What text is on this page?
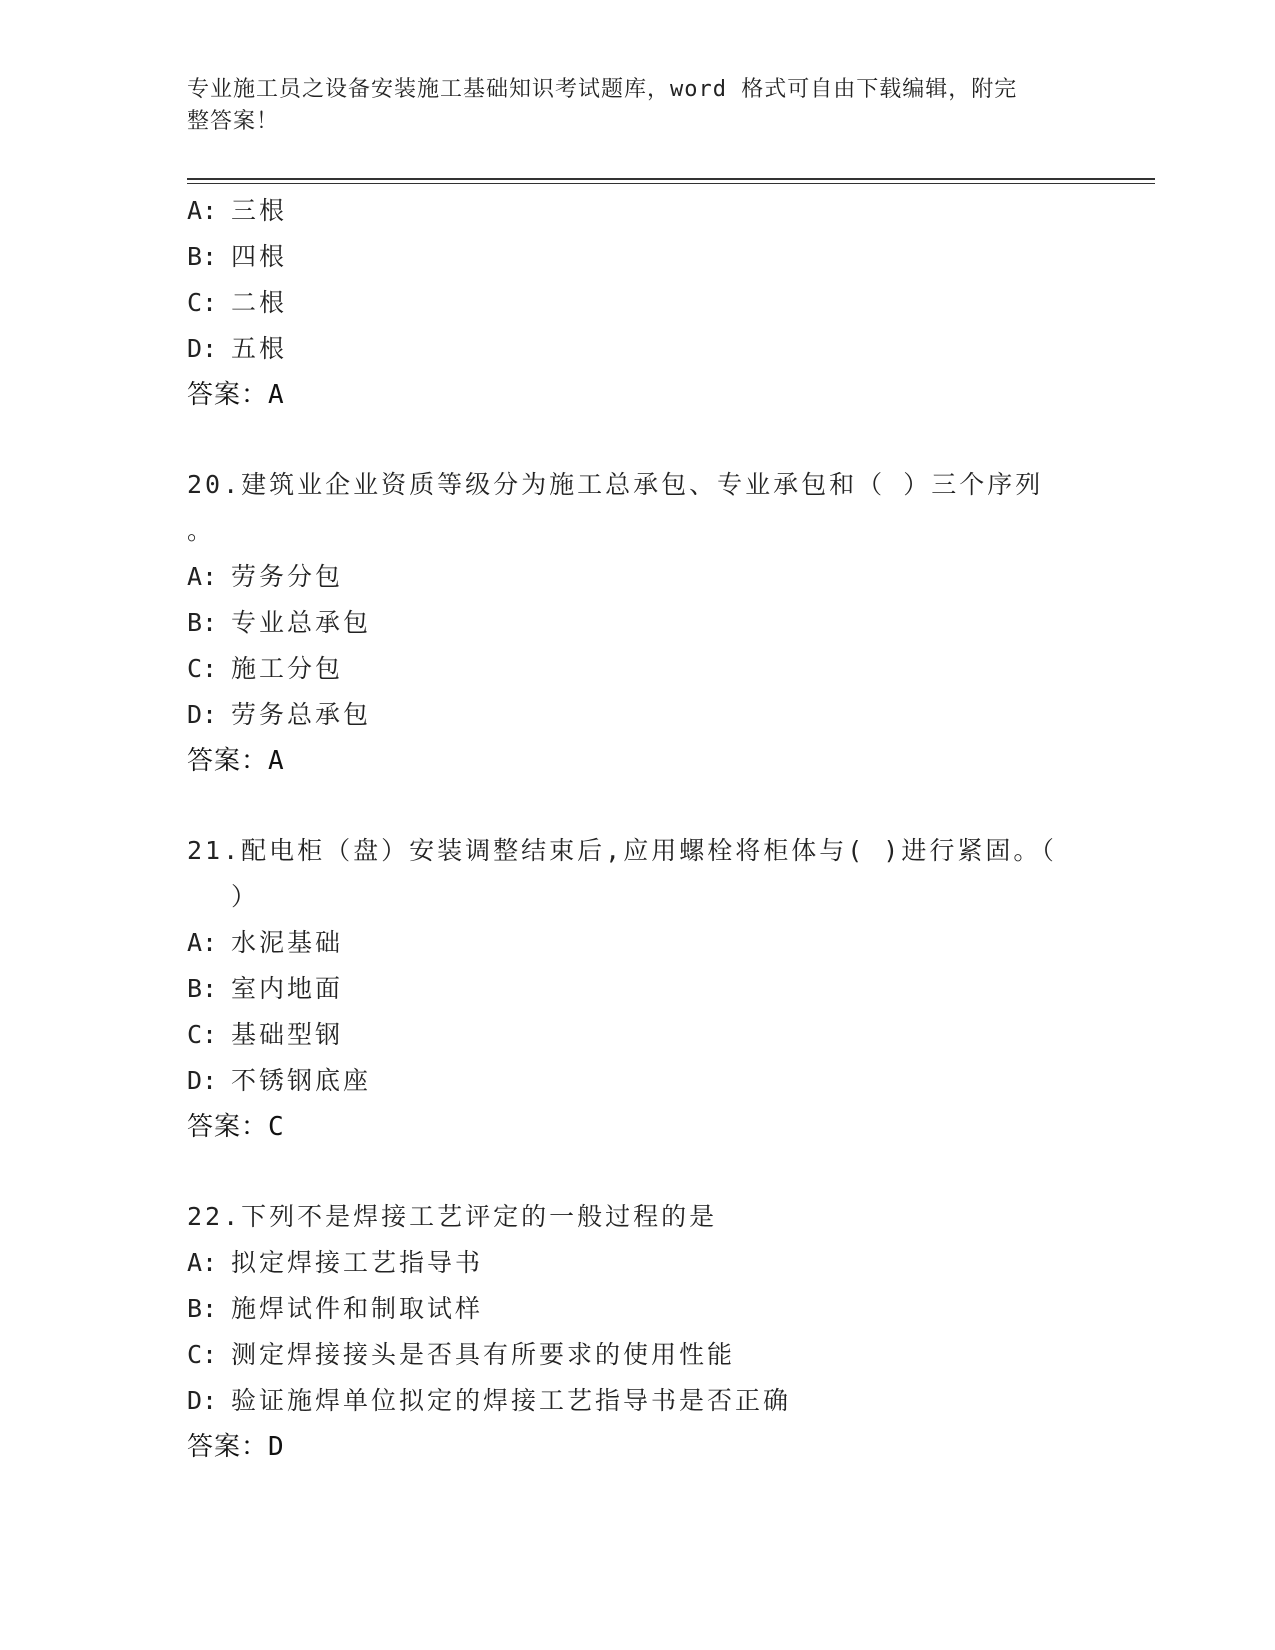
专业施工员之设备安装施工基础知识考试题库，word 格式可自由下载编辑，附完
整答案！
A: 三根
B: 四根
C: 二根
D: 五根
答案：A
20.建筑业企业资质等级分为施工总承包、专业承包和（ ）三个序列
。
A: 劳务分包
B: 专业总承包
C: 施工分包
D: 劳务总承包
答案：A
21.配电柜（盘）安装调整结束后,应用螺栓将柜体与( )进行紧固。（
）
A: 水泥基础
B: 室内地面
C: 基础型钢
D: 不锈钢底座
答案：C
22.下列不是焊接工艺评定的一般过程的是
A: 拟定焊接工艺指导书
B: 施焊试件和制取试样
C: 测定焊接接头是否具有所要求的使用性能
D: 验证施焊单位拟定的焊接工艺指导书是否正确
答案：D
